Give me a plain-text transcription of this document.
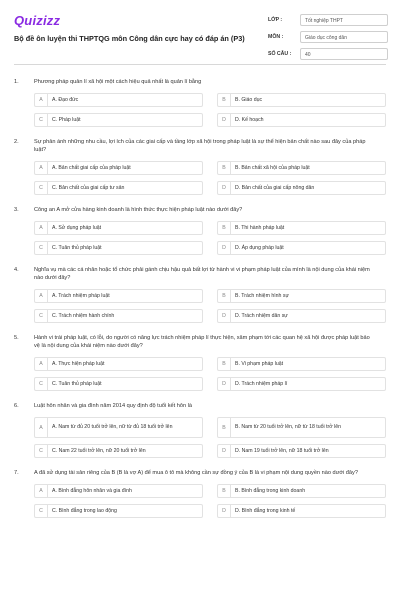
Quizizz
Bộ đề ôn luyện thi THPTQG môn Công dân cực hay có đáp án (P3)
LỚP :	Tốt nghiệp THPT
MÔN :	Giáo dục công dân
SỐ CÂU :	40
1.	Phương pháp quản lí xã hội một cách hiệu quả nhất là quản lí bằng
A	A. Đạo đức	B	B. Giáo dục
C	C. Pháp luật	D	D. Kế hoạch
2.	Sự phản ánh những nhu cầu, lợi ích của các giai cấp và tầng lớp xã hội trong pháp luật là sự thể hiện bản chất nào sau đây của pháp luật?
A	A. Bản chất giai cấp của pháp luật	B	B. Bản chất xã hội của pháp luật
C	C. Bản chất của giai cấp tư sản	D	D. Bản chất của giai cấp nông dân
3.	Công an A mở cửa hàng kinh doanh là hình thức thực hiện pháp luật nào dưới đây?
A	A. Sử dụng pháp luật	B	B. Thi hành pháp luật
C	C. Tuân thủ pháp luật	D	D. Áp dụng pháp luật
4.	Nghĩa vụ mà các cá nhân hoặc tổ chức phải gánh chịu hậu quả bất lợi từ hành vi vi phạm pháp luật của mình là nội dung của khái niệm nào dưới đây?
A	A. Trách nhiệm pháp luật	B	B. Trách nhiệm hình sự
C	C. Trách nhiệm hành chính	D	D. Trách nhiệm dân sự
5.	Hành vi trái pháp luật, có lỗi, do người có năng lực trách nhiệm pháp lí thực hiện, xâm phạm tới các quan hệ xã hội được pháp luật bảo vệ là nội dung của khái niệm nào dưới đây?
A	A. Thực hiện pháp luật	B	B. Vi phạm pháp luật
C	C. Tuân thủ pháp luật	D	D. Trách nhiệm pháp lí
6.	Luật hôn nhân và gia đình năm 2014 quy định độ tuổi kết hôn là
A	A. Nam từ đủ 20 tuổi trở lên, nữ từ đủ 18 tuổi trở lên	B	B. Nam từ 20 tuổi trở lên, nữ từ 18 tuổi trở lên
C	C. Nam 22 tuổi trở lên, nữ 20 tuổi trở lên	D	D. Nam 19 tuổi trở lên, nữ 18 tuổi trở lên
7.	A đã sử dụng tài sản riêng của B (B là vợ A) để mua ô tô mà không cần sự đồng ý của B là vi phạm nội dung quyền nào dưới đây?
A	A. Bình đẳng hôn nhân và gia đình	B	B. Bình đẳng trong kinh doanh
C	C. Bình đẳng trong lao động	D	D. Bình đẳng trong kinh tế
